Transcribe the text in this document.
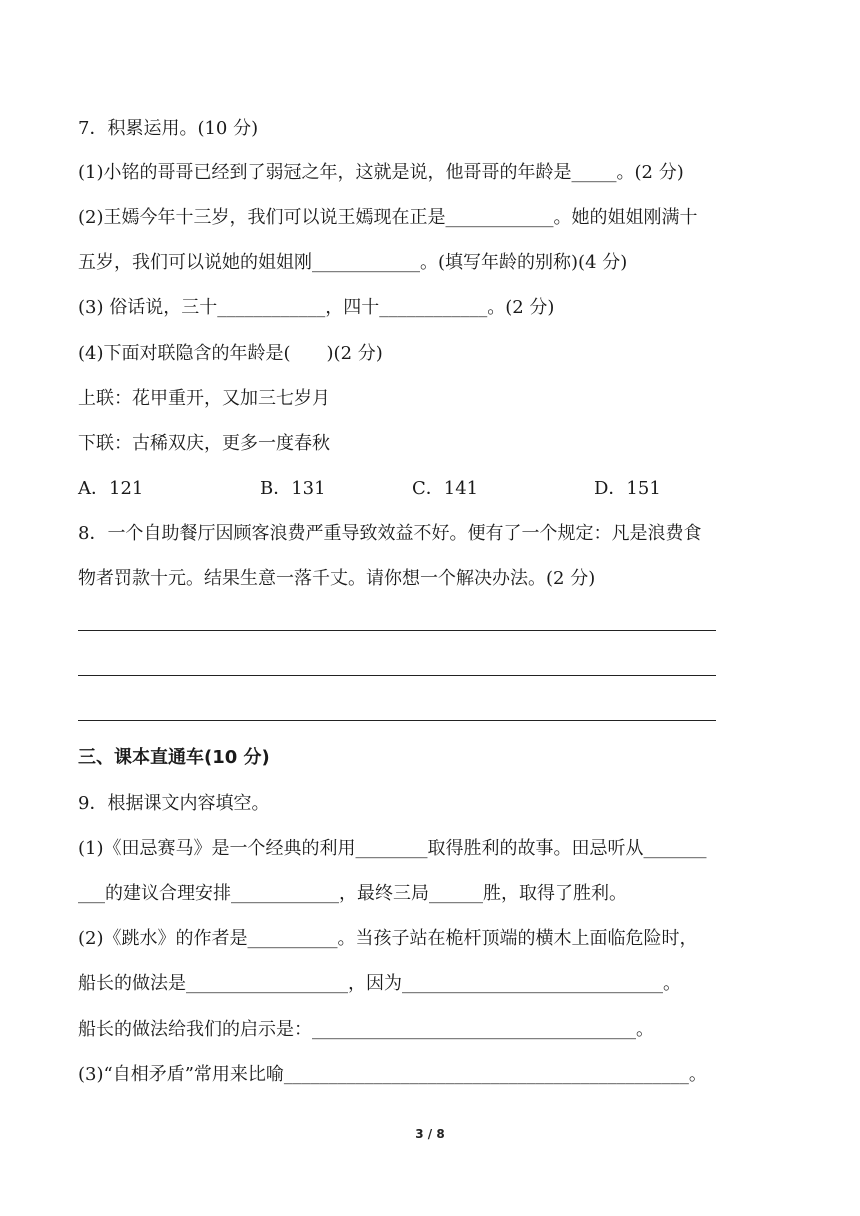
7．积累运用。(10 分)
(1)小铭的哥哥已经到了弱冠之年，这就是说，他哥哥的年龄是_____。(2 分)
(2)王嫣今年十三岁，我们可以说王嫣现在正是____________。她的姐姐刚满十
五岁，我们可以说她的姐姐刚____________。(填写年龄的别称)(4 分)
(3) 俗话说，三十____________，四十____________。(2 分)
(4)下面对联隐含的年龄是(　　)(2 分)
上联：花甲重开，又加三七岁月
下联：古稀双庆，更多一度春秋
A．121	B．131	C．141	D．151
8．一个自助餐厅因顾客浪费严重导致效益不好。便有了一个规定：凡是浪费食
物者罚款十元。结果生意一落千丈。请你想一个解决办法。(2 分)
三、课本直通车(10 分)
9．根据课文内容填空。
(1)《田忌赛马》是一个经典的利用________取得胜利的故事。田忌听从_______
___的建议合理安排____________，最终三局______胜，取得了胜利。
(2)《跳水》的作者是__________。当孩子站在桅杆顶端的横木上面临危险时，
船长的做法是__________________，因为_____________________________。
船长的做法给我们的启示是：____________________________________。
(3)“自相矛盾”常用来比喻_____________________________________________。
3 / 8
